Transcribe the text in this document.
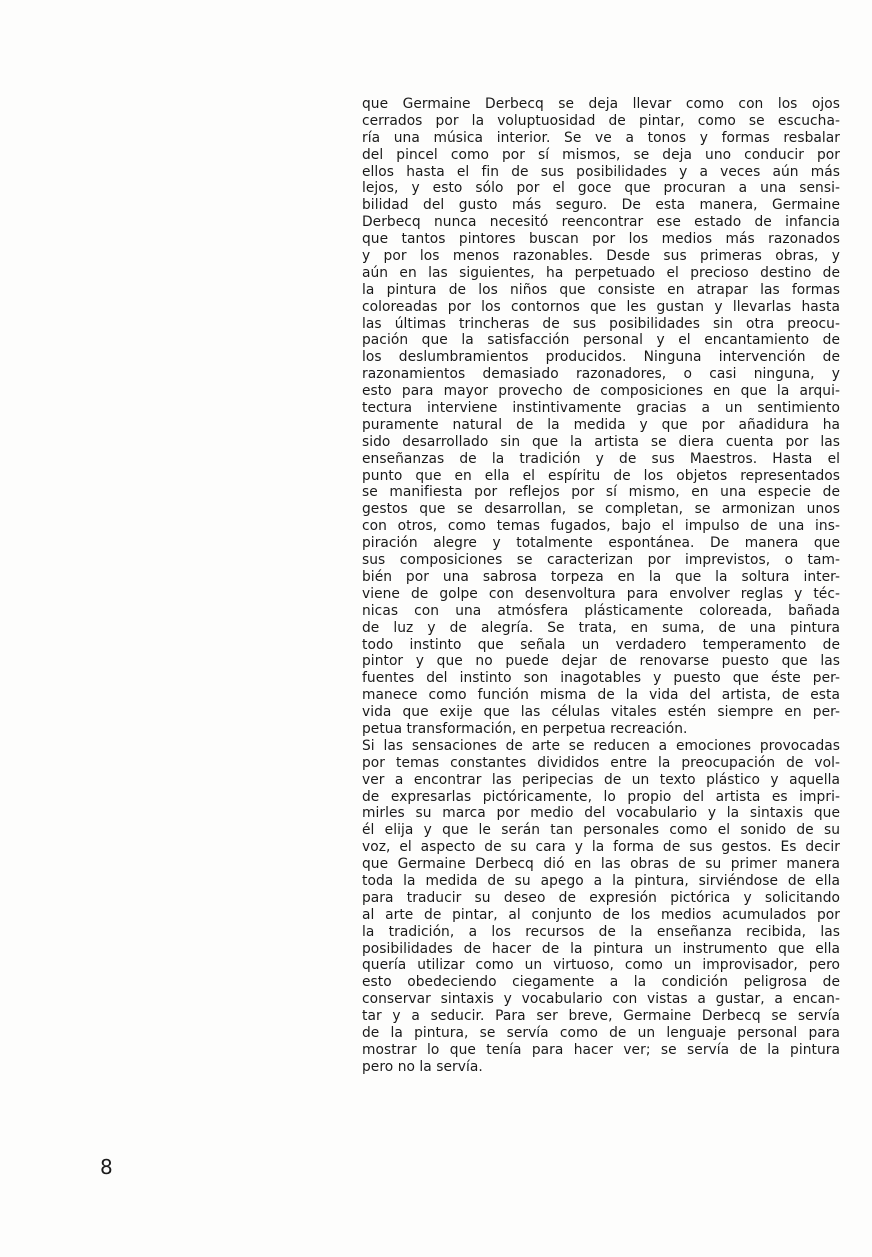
que Germaine Derbecq se deja llevar como con los ojos
cerrados por la voluptuosidad de pintar, como se escucha-
ría una música interior. Se ve a tonos y formas resbalar
del pincel como por sí mismos, se deja uno conducir por
ellos hasta el fin de sus posibilidades y a veces aún más
lejos, y esto sólo por el goce que procuran a una sensi-
bilidad del gusto más seguro. De esta manera, Germaine
Derbecq nunca necesitó reencontrar ese estado de infancia
que tantos pintores buscan por los medios más razonados
y por los menos razonables. Desde sus primeras obras, y
aún en las siguientes, ha perpetuado el precioso destino de
la pintura de los niños que consiste en atrapar las formas
coloreadas por los contornos que les gustan y llevarlas hasta
las últimas trincheras de sus posibilidades sin otra preocu-
pación que la satisfacción personal y el encantamiento de
los deslumbramientos producidos. Ninguna intervención de
razonamientos demasiado razonadores, o casi ninguna, y
esto para mayor provecho de composiciones en que la arqui-
tectura interviene instintivamente gracias a un sentimiento
puramente natural de la medida y que por añadidura ha
sido desarrollado sin que la artista se diera cuenta por las
enseñanzas de la tradición y de sus Maestros. Hasta el
punto que en ella el espíritu de los objetos representados
se manifiesta por reflejos por sí mismo, en una especie de
gestos que se desarrollan, se completan, se armonizan unos
con otros, como temas fugados, bajo el impulso de una ins-
piración alegre y totalmente espontánea. De manera que
sus composiciones se caracterizan por imprevistos, o tam-
bién por una sabrosa torpeza en la que la soltura inter-
viene de golpe con desenvoltura para envolver reglas y téc-
nicas con una atmósfera plásticamente coloreada, bañada
de luz y de alegría. Se trata, en suma, de una pintura
todo instinto que señala un verdadero temperamento de
pintor y que no puede dejar de renovarse puesto que las
fuentes del instinto son inagotables y puesto que éste per-
manece como función misma de la vida del artista, de esta
vida que exije que las células vitales estén siempre en per-
petua transformación, en perpetua recreación.
Si las sensaciones de arte se reducen a emociones provocadas
por temas constantes divididos entre la preocupación de vol-
ver a encontrar las peripecias de un texto plástico y aquella
de expresarlas pictóricamente, lo propio del artista es impri-
mirles su marca por medio del vocabulario y la sintaxis que
él elija y que le serán tan personales como el sonido de su
voz, el aspecto de su cara y la forma de sus gestos. Es decir
que Germaine Derbecq dió en las obras de su primer manera
toda la medida de su apego a la pintura, sirviéndose de ella
para traducir su deseo de expresión pictórica y solicitando
al arte de pintar, al conjunto de los medios acumulados por
la tradición, a los recursos de la enseñanza recibida, las
posibilidades de hacer de la pintura un instrumento que ella
quería utilizar como un virtuoso, como un improvisador, pero
esto obedeciendo ciegamente a la condición peligrosa de
conservar sintaxis y vocabulario con vistas a gustar, a encan-
tar y a seducir. Para ser breve, Germaine Derbecq se servía
de la pintura, se servía como de un lenguaje personal para
mostrar lo que tenía para hacer ver; se servía de la pintura
pero no la servía.
8
